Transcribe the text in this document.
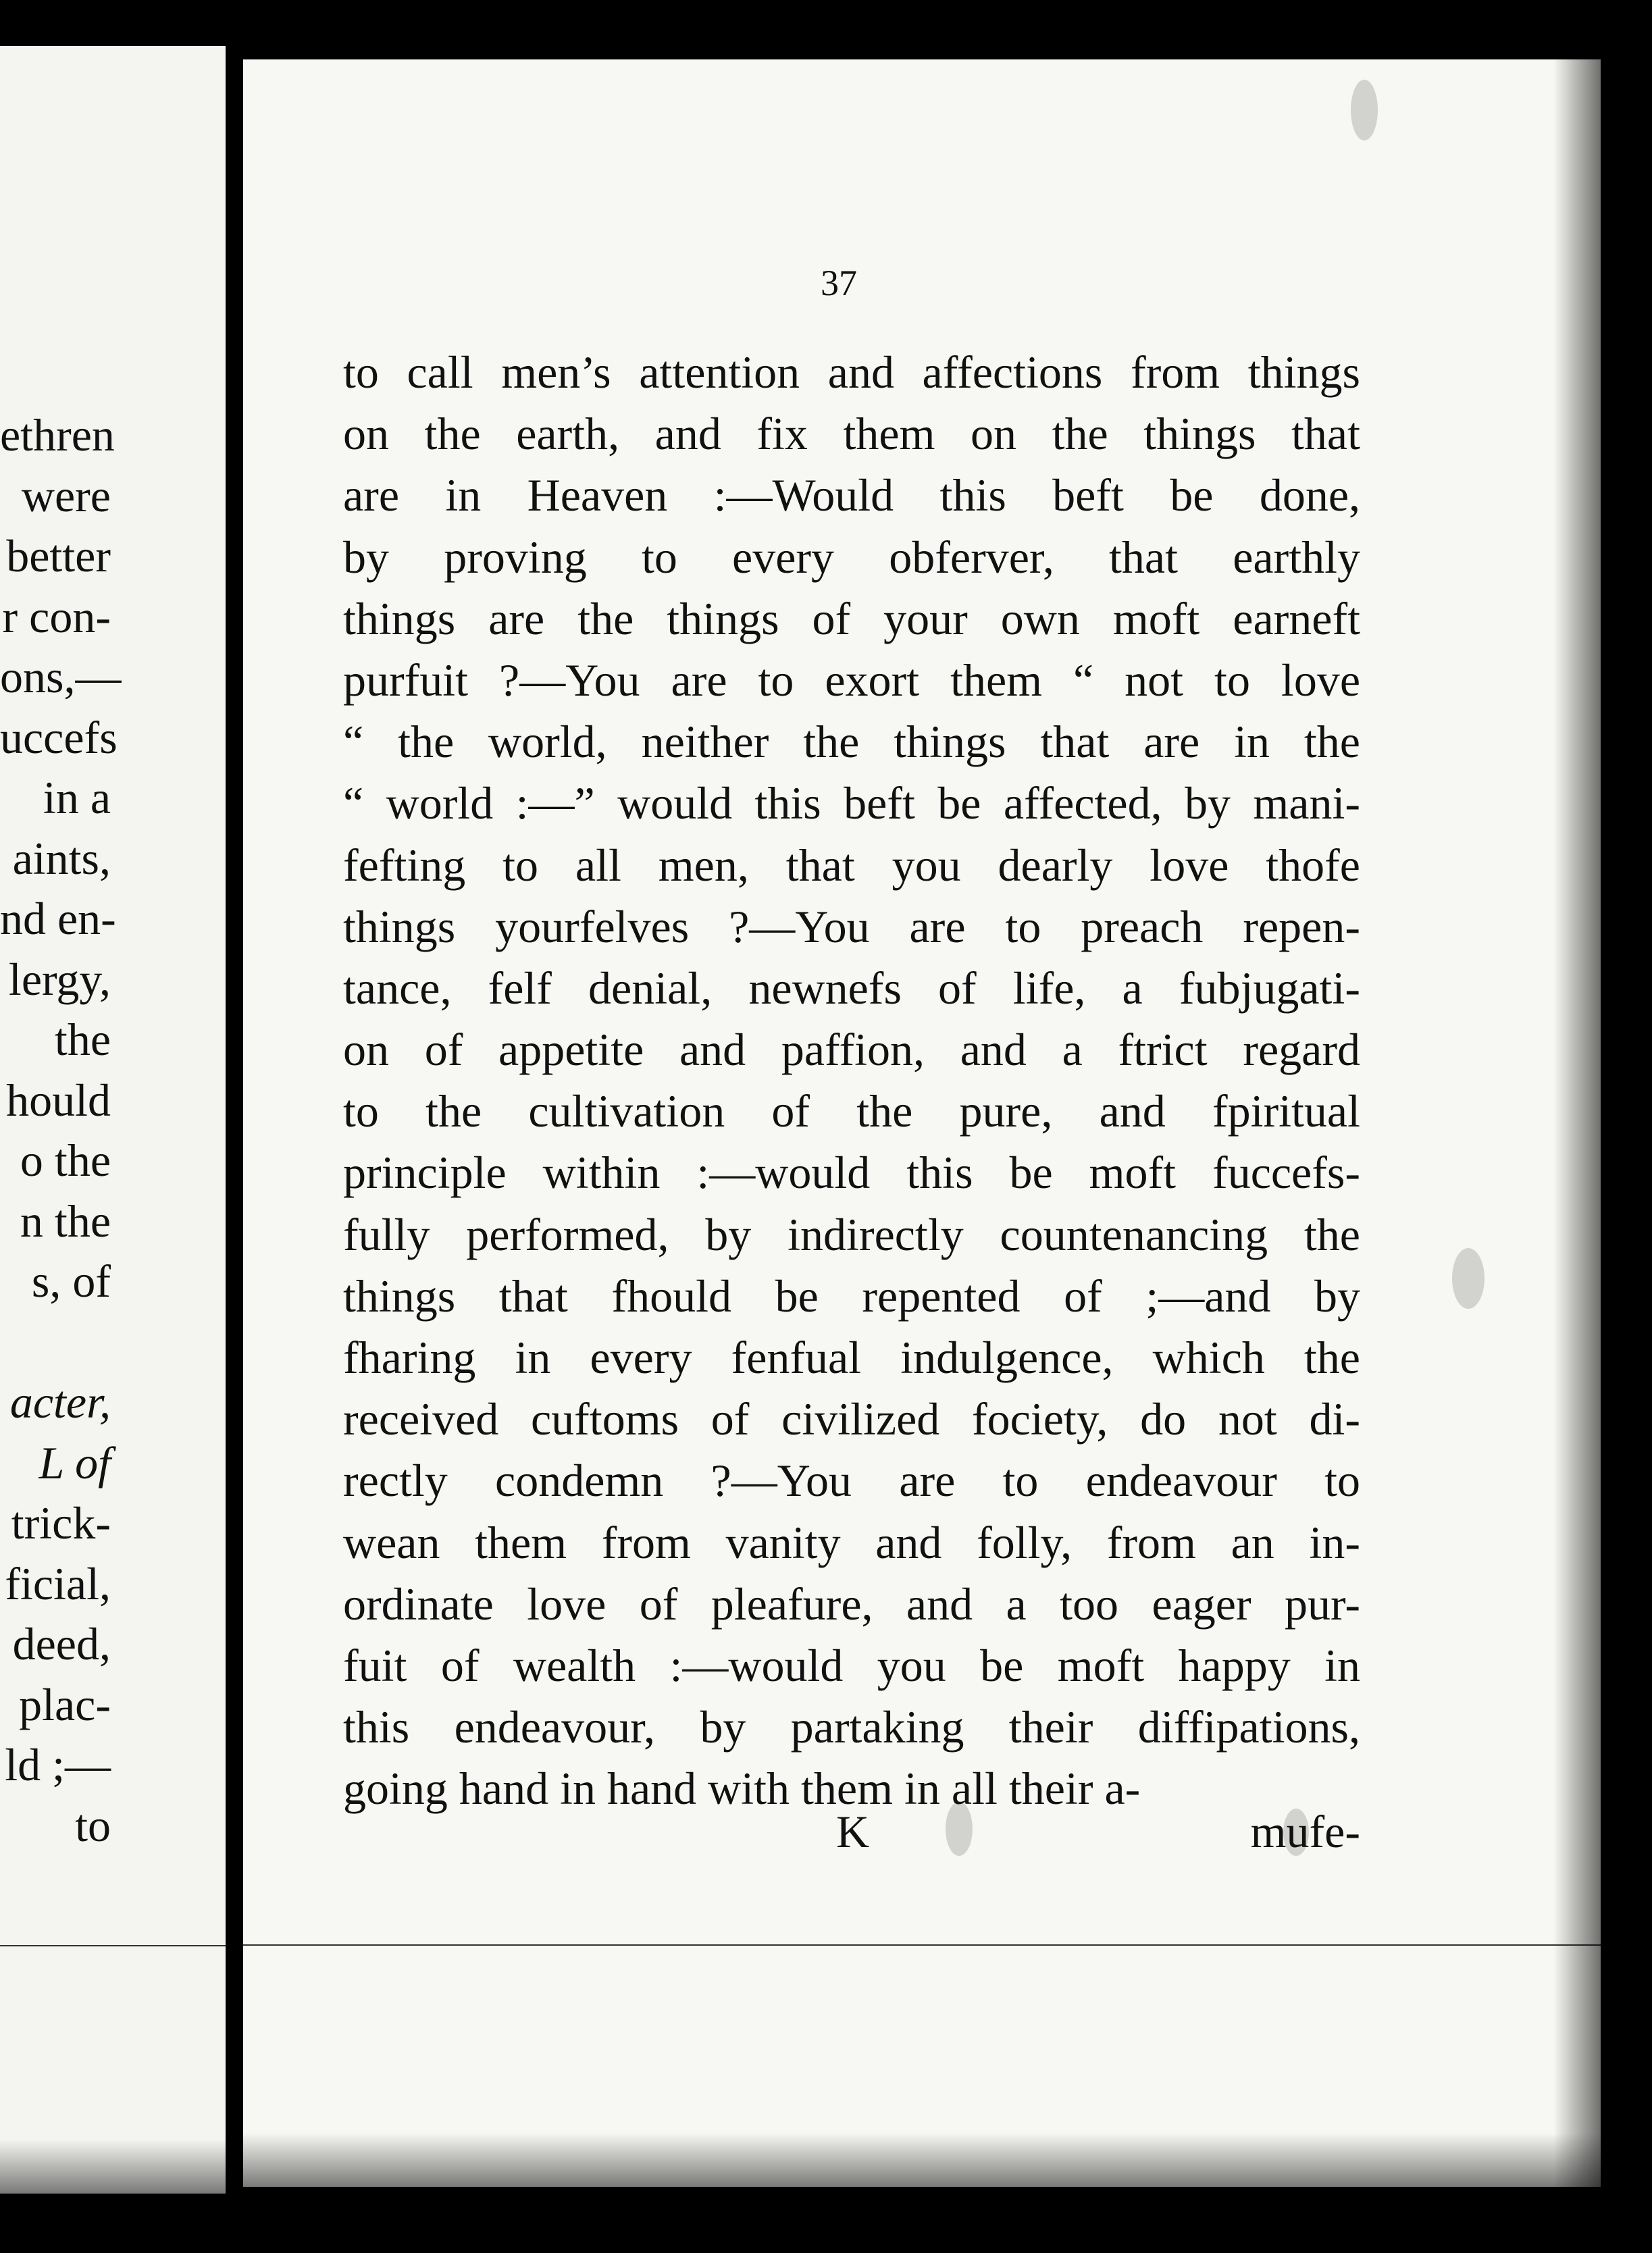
ethren
were
better
r con-
ons,—
uccefs
in a
aints,
nd en-
lergy,
the
hould
o the
n the
s, of
acter,
L of
trick-
ficial,
deed,
plac-
ld ;—
to
37
to call men’s attention and affections from things
on the earth, and fix them on the things that
are in Heaven :—Would this beft be done,
by proving to every obferver, that earthly
things are the things of your own moft earneft
purfuit ?—You are to exort them “ not to love
“ the world, neither the things that are in the
“ world :—” would this beft be affected, by mani-
fefting to all men, that you dearly love thofe
things yourfelves ?—You are to preach repen-
tance, felf denial, newnefs of life, a fubjugati-
on of appetite and paffion, and a ftrict regard
to the cultivation of the pure, and fpiritual
principle within :—would this be moft fuccefs-
fully performed, by indirectly countenancing the
things that fhould be repented of ;—and by
fharing in every fenfual indulgence, which the
received cuftoms of civilized fociety, do not di-
rectly condemn ?—You are to endeavour to
wean them from vanity and folly, from an in-
ordinate love of pleafure, and a too eager pur-
fuit of wealth :—would you be moft happy in
this endeavour, by partaking their diffipations,
going hand in hand with them in all their a-
K	mufe-
